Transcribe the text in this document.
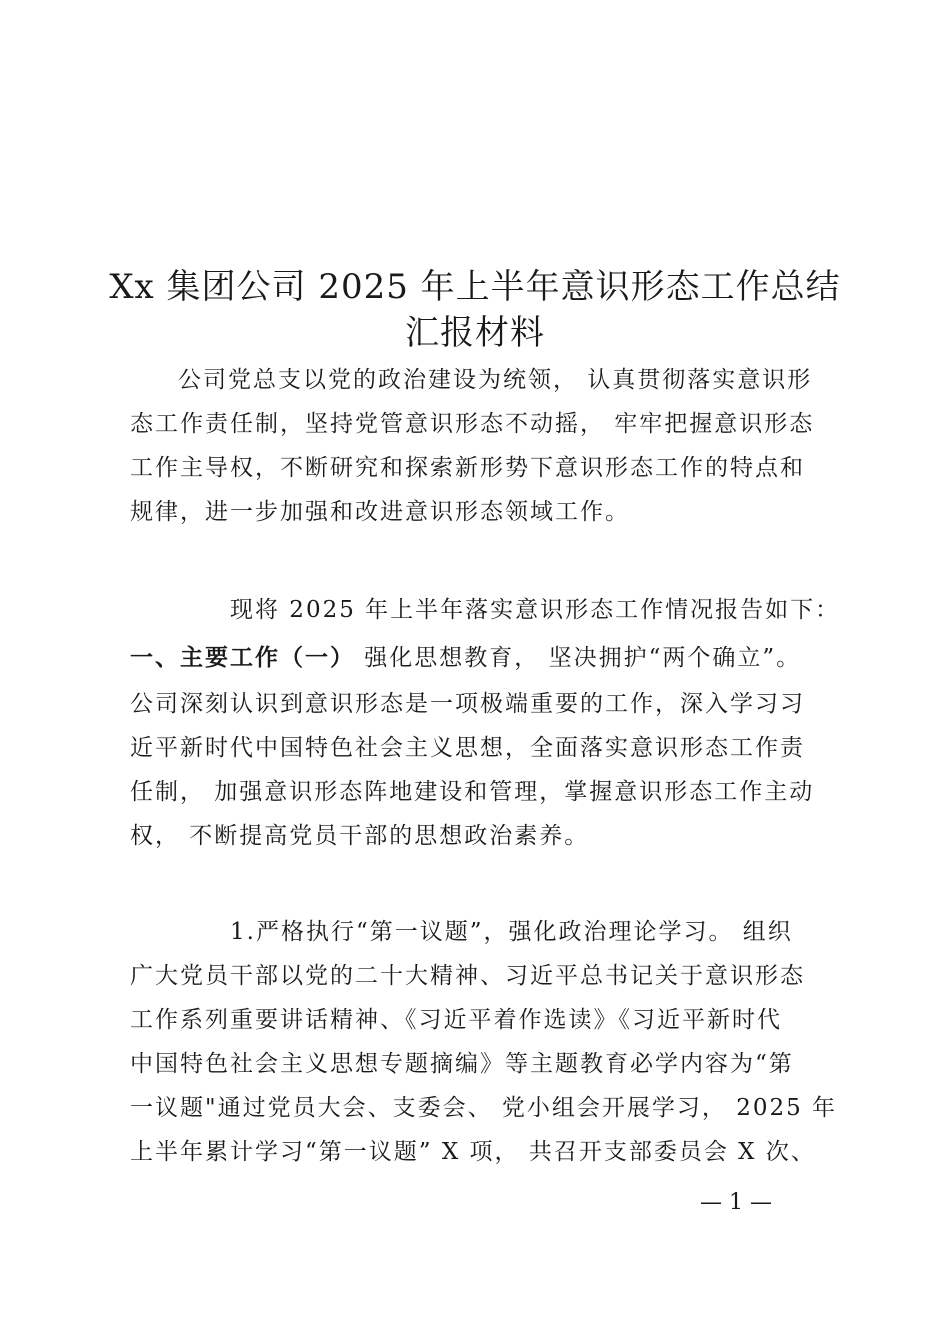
Xx 集团公司 2025 年上半年意识形态工作总结
汇报材料

公司党总支以党的政治建设为统领， 认真贯彻落实意识形
态工作责任制，坚持党管意识形态不动摇， 牢牢把握意识形态
工作主导权，不断研究和探索新形势下意识形态工作的特点和
规律，进一步加强和改进意识形态领域工作。

现将 2025 年上半年落实意识形态工作情况报告如下：

一、主要工作（一） 强化思想教育， 坚决拥护“两个确立”。

公司深刻认识到意识形态是一项极端重要的工作，深入学习习
近平新时代中国特色社会主义思想，全面落实意识形态工作责
任制， 加强意识形态阵地建设和管理，掌握意识形态工作主动
权， 不断提高党员干部的思想政治素养。

1.严格执行“第一议题”，强化政治理论学习。 组织
广大党员干部以党的二十大精神、习近平总书记关于意识形态
工作系列重要讲话精神、《习近平着作选读》《习近平新时代
中国特色社会主义思想专题摘编》等主题教育必学内容为“第
一议题"通过党员大会、支委会、 党小组会开展学习， 2025 年
上半年累计学习“第一议题” X 项， 共召开支部委员会 X 次、

— 1 —
